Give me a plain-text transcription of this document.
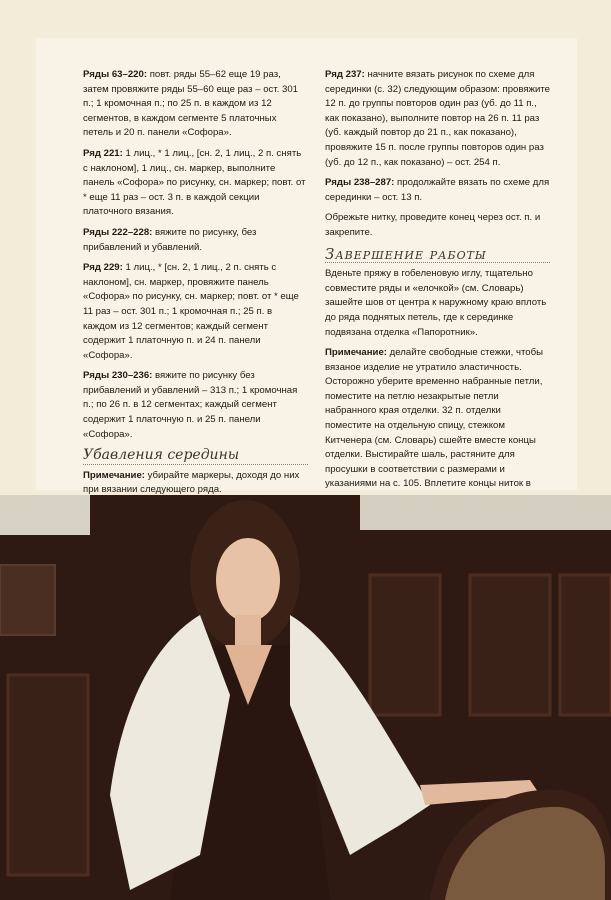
Ряды 63–220: повт. ряды 55–62 еще 19 раз, затем провяжите ряды 55–60 еще раз – ост. 301 п.; 1 кромочная п.; по 25 п. в каждом из 12 сегментов, в каждом сегменте 5 платочных петель и 20 п. панели «Софора».

Ряд 221: 1 лиц., * 1 лиц., [сн. 2, 1 лиц., 2 п. снять с наклоном], 1 лиц., сн. маркер, выполните панель «Софора» по рисунку, сн. маркер; повт. от * еще 11 раз – ост. 3 п. в каждой секции платочного вязания.

Ряды 222–228: вяжите по рисунку, без прибавлений и убавлений.

Ряд 229: 1 лиц., * [сн. 2, 1 лиц., 2 п. снять с наклоном], сн. маркер, провяжите панель «Софора» по рисунку, сн. маркер; повт. от * еще 11 раз – ост. 301 п.; 1 кромочная п.; 25 п. в каждом из 12 сегментов; каждый сегмент содержит 1 платочную п. и 24 п. панели «Софора».

Ряды 230–236: вяжите по рисунку без прибавлений и убавлений – 313 п.; 1 кромочная п.; по 26 п. в 12 сегментах; каждый сегмент содержит 1 платочную п. и 25 п. панели «Софора».

Убавления середины

Примечание: убирайте маркеры, доходя до них при вязании следующего ряда.

Ряд 237: начните вязать рисунок по схеме для серединки (с. 32) следующим образом: провяжите 12 п. до группы повторов один раз (уб. до 11 п., как показано), выполните повтор на 26 п. 11 раз (уб. каждый повтор до 21 п., как показано), провяжите 15 п. после группы повторов один раз (уб. до 12 п., как показано) – ост. 254 п.

Ряды 238–287: продолжайте вязать по схеме для серединки – ост. 13 п.

Обрежьте нитку, проведите конец через ост. п. и закрепите.

Завершение работы

Вденьте пряжу в гобеленовую иглу, тщательно совместите ряды и «елочкой» (см. Словарь) зашейте шов от центра к наружному краю вплоть до ряда поднятых петель, где к серединке подвязана отделка «Папоротник».

Примечание: делайте свободные стежки, чтобы вязаное изделие не утратило эластичность. Осторожно уберите временно набранные петли, поместите на петлю незакрытые петли набранного края отделки. 32 п. отделки поместите на отдельную спицу, стежком Китченера (см. Словарь) сшейте вместе концы отделки. Выстирайте шаль, растяните для просушки в соответствии с размерами и указаниями на с. 105. Вплетите концы ниток в
